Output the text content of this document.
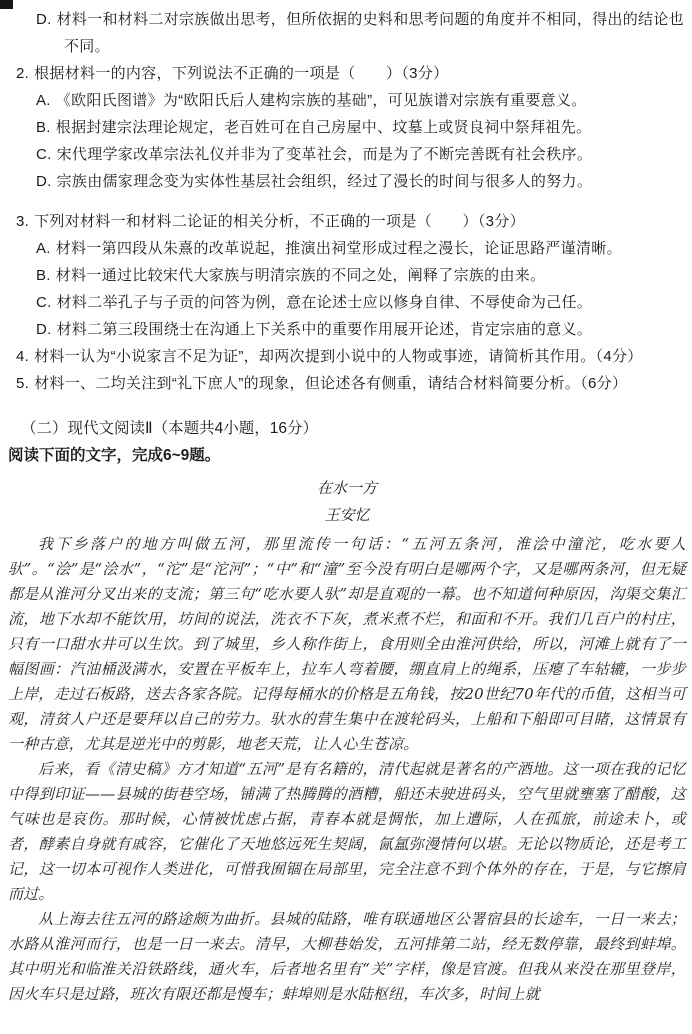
D. 材料一和材料二对宗族做出思考，但所依据的史料和思考问题的角度并不相同，得出的结论也不同。
2. 根据材料一的内容，下列说法不正确的一项是（　　）（3分）
A. 《欧阳氏图谱》为“欧阳氏后人建构宗族的基础”，可见族谱对宗族有重要意义。
B. 根据封建宗法理论规定，老百姓可在自己房屋中、坟墓上或贤良祠中祭拜祖先。
C. 宋代理学家改革宗法礼仪并非为了变革社会，而是为了不断完善既有社会秩序。
D. 宗族由儒家理念变为实体性基层社会组织，经过了漫长的时间与很多人的努力。
3. 下列对材料一和材料二论证的相关分析，不正确的一项是（　　）（3分）
A. 材料一第四段从朱熹的改革说起，推演出祠堂形成过程之漫长，论证思路严谨清晰。
B. 材料一通过比较宋代大家族与明清宗族的不同之处，阐释了宗族的由来。
C. 材料二举孔子与子贡的问答为例，意在论述士应以修身自律、不辱使命为己任。
D. 材料二第三段围绕士在沟通上下关系中的重要作用展开论述，肯定宗庙的意义。
4. 材料一认为“小说家言不足为证”，却两次提到小说中的人物或事迹，请简析其作用。（4分）
5. 材料一、二均关注到“礼下庶人”的现象，但论述各有侧重，请结合材料简要分析。（6分）
（二）现代文阅读Ⅱ（本题共4小题，16分）
阅读下面的文字，完成6~9题。
在水一方
王安忆

我下乡落户的地方叫做五河，那里流传一句话：“五河五条河，淮浍中潼沱，吃水要人驮”。“浍”是“浍水”，“沱”是“沱河”；“中”和“潼”至今没有明白是哪两个字，又是哪两条河，但无疑都是从淮河分叉出来的支流；第三句“吃水要人驮”却是直观的一幕。也不知道何种原因，沟渠交集汇流，地下水却不能饮用，坊间的说法，洗衣不下灰，煮米煮不烂，和面和不开。我们几百户的村庄，只有一口甜水井可以生饮。到了城里，乡人称作街上，食用则全由淮河供给，所以，河滩上就有了一幅图画：汽油桶汲满水，安置在平板车上，拉车人弯着腰，绷直肩上的绳系，压瘪了车轱辘，一步步上岸，走过石板路，送去各家各院。记得每桶水的价格是五角钱，按20世纪70年代的币值，这相当可观，清贫人户还是要拜以自己的劳力。驮水的营生集中在渡轮码头，上船和下船即可目睹，这情景有一种古意，尤其是逆光中的剪影，地老天荒，让人心生苍凉。

后来，看《清史稿》方才知道“五河”是有名籍的，清代起就是著名的产酒地。这一项在我的记忆中得到印证——县城的街巷空场，铺满了热腾腾的酒糟，船还未驶进码头，空气里就壅塞了醋酸，这气味也是哀伤。那时候，心情被忧虑占据，青春本就是惆怅，加上遭际，人在孤旅，前途未卜，或者，酵素自身就有戚容，它催化了天地悠远死生契阔，氤氲弥漫情何以堪。无论以物质论，还是考工记，这一切本可视作人类进化，可惜我囿锢在局部里，完全注意不到个体外的存在，于是，与它擦肩而过。

从上海去往五河的路途颇为曲折。县城的陆路，唯有联通地区公署宿县的长途车，一日一来去；水路从淮河而行，也是一日一来去。清早，大柳巷始发，五河排第二站，经无数停靠，最终到蚌埠。其中明光和临淮关沿铁路线，通火车，后者地名里有“关”字样，像是官渡。但我从来没在那里登岸，因火车只是过路，班次有限还都是慢车；蚌埠则是水陆枢纽，车次多，时间上就
